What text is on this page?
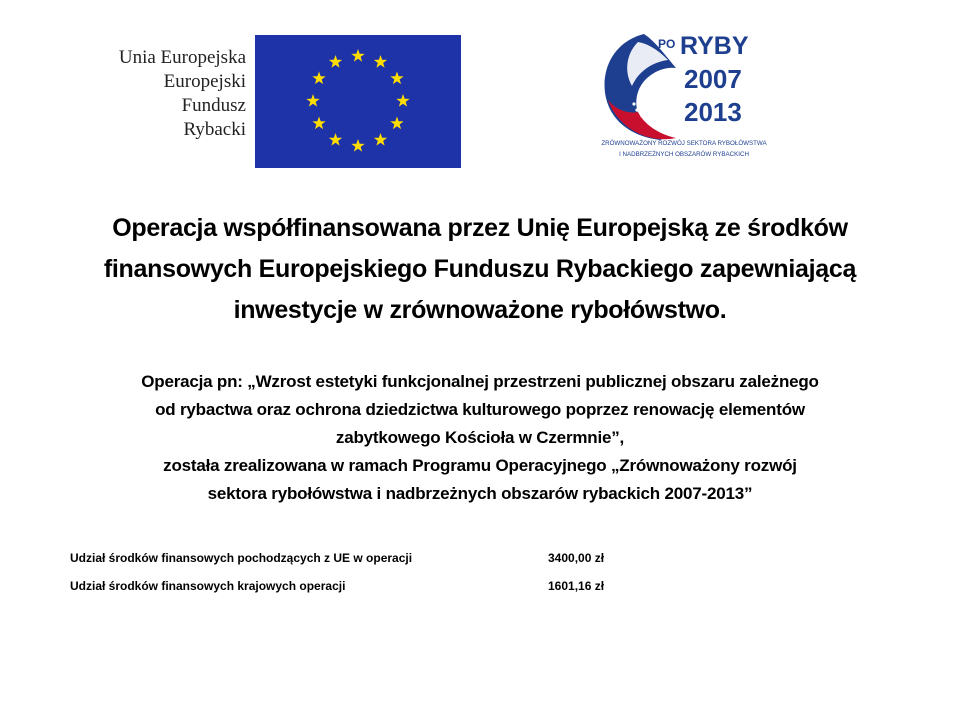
Unia Europejska
Europejski
Fundusz
Rybacki
PO RYBY
2007
2013
ZRÓWNOWAŻONY ROZWÓJ SEKTORA RYBOŁÓWSTWA
I NADBRZEŻNYCH OBSZARÓW RYBACKICH
Operacja współfinansowana przez Unię Europejską ze środków
finansowych Europejskiego Funduszu Rybackiego zapewniającą
inwestycje w zrównoważone rybołówstwo.
Operacja pn: „Wzrost estetyki funkcjonalnej przestrzeni publicznej obszaru zależnego
od rybactwa oraz ochrona dziedzictwa kulturowego poprzez renowację elementów
zabytkowego Kościoła w Czermnie”,
została zrealizowana w ramach Programu Operacyjnego „Zrównoważony rozwój
sektora rybołówstwa i nadbrzeżnych obszarów rybackich 2007-2013”
Udział środków finansowych pochodzących z UE w operacji	3400,00 zł
Udział środków finansowych krajowych operacji	1601,16 zł
